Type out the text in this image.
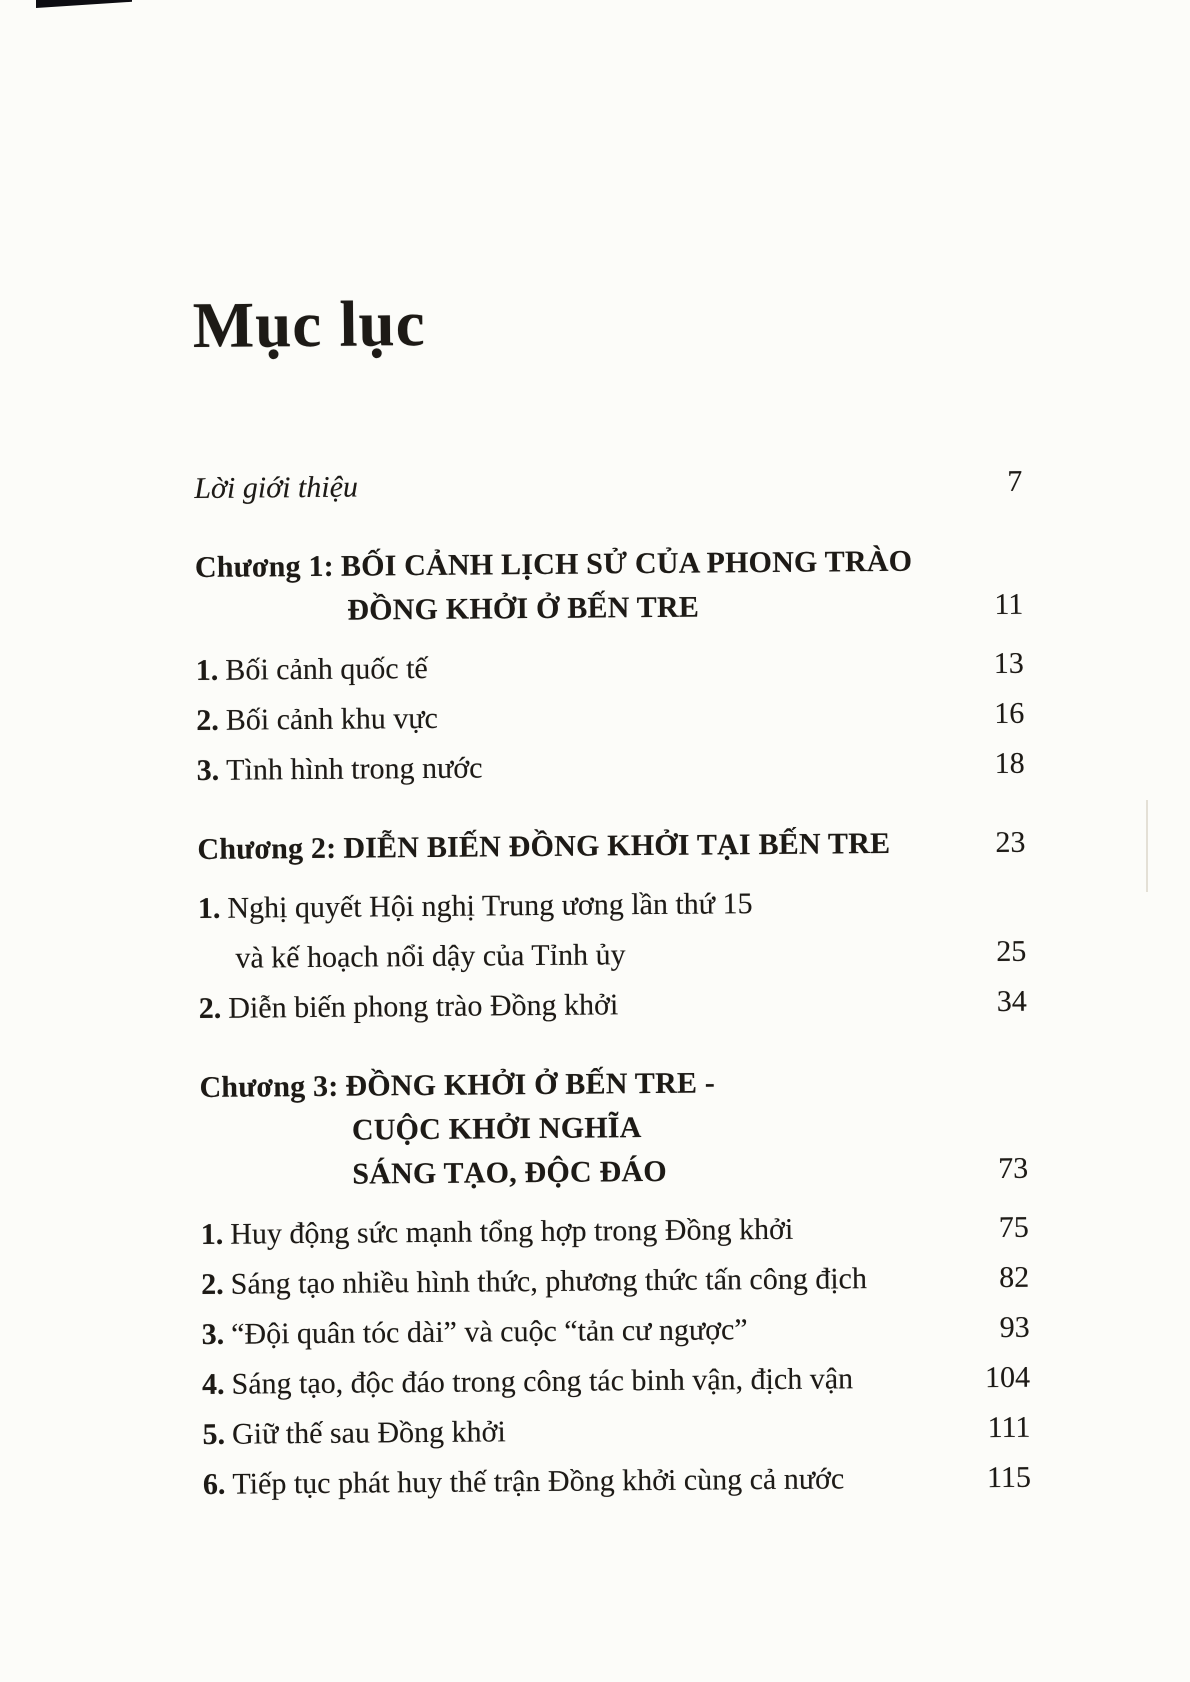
Mục lục
Lời giới thiệu	7
Chương 1: BỐI CẢNH LỊCH SỬ CỦA PHONG TRÀO
ĐỒNG KHỞI Ở BẾN TRE	11
1. Bối cảnh quốc tế	13
2. Bối cảnh khu vực	16
3. Tình hình trong nước	18
Chương 2: DIỄN BIẾN ĐỒNG KHỞI TẠI BẾN TRE	23
1. Nghị quyết Hội nghị Trung ương lần thứ 15
và kế hoạch nổi dậy của Tỉnh ủy	25
2. Diễn biến phong trào Đồng khởi	34
Chương 3: ĐỒNG KHỞI Ở BẾN TRE -
CUỘC KHỞI NGHĨA
SÁNG TẠO, ĐỘC ĐÁO	73
1. Huy động sức mạnh tổng hợp trong Đồng khởi	75
2. Sáng tạo nhiều hình thức, phương thức tấn công địch	82
3. “Đội quân tóc dài” và cuộc “tản cư ngược”	93
4. Sáng tạo, độc đáo trong công tác binh vận, địch vận	104
5. Giữ thế sau Đồng khởi	111
6. Tiếp tục phát huy thế trận Đồng khởi cùng cả nước	115
